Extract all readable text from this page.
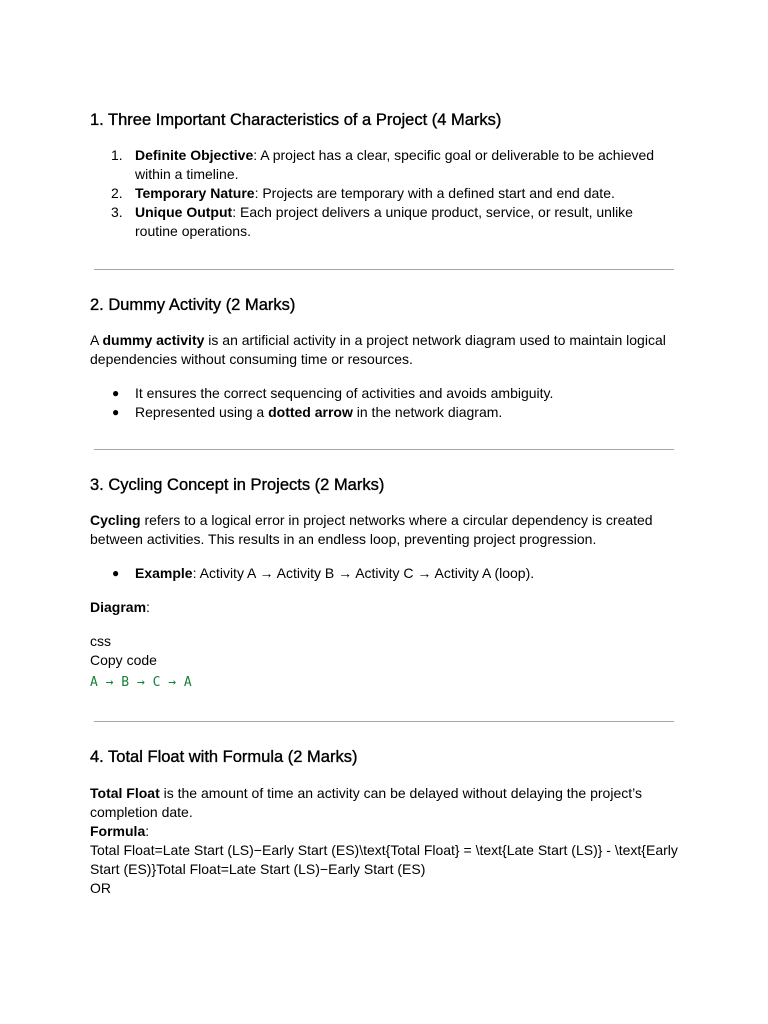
1. Three Important Characteristics of a Project (4 Marks)
1. Definite Objective: A project has a clear, specific goal or deliverable to be achieved within a timeline.
2. Temporary Nature: Projects are temporary with a defined start and end date.
3. Unique Output: Each project delivers a unique product, service, or result, unlike routine operations.
2. Dummy Activity (2 Marks)

A dummy activity is an artificial activity in a project network diagram used to maintain logical dependencies without consuming time or resources.

● It ensures the correct sequencing of activities and avoids ambiguity.
● Represented using a dotted arrow in the network diagram.
3. Cycling Concept in Projects (2 Marks)

Cycling refers to a logical error in project networks where a circular dependency is created between activities. This results in an endless loop, preventing project progression.

● Example: Activity A → Activity B → Activity C → Activity A (loop).

Diagram:

css

Copy code

A → B → C → A

4. Total Float with Formula (2 Marks)

Total Float is the amount of time an activity can be delayed without delaying the project’s completion date.

Formula:

Total Float=Late Start (LS)−Early Start (ES)\text{Total Float} = \text{Late Start (LS)} - \text{Early Start (ES)}Total Float=Late Start (LS)−Early Start (ES)

OR
